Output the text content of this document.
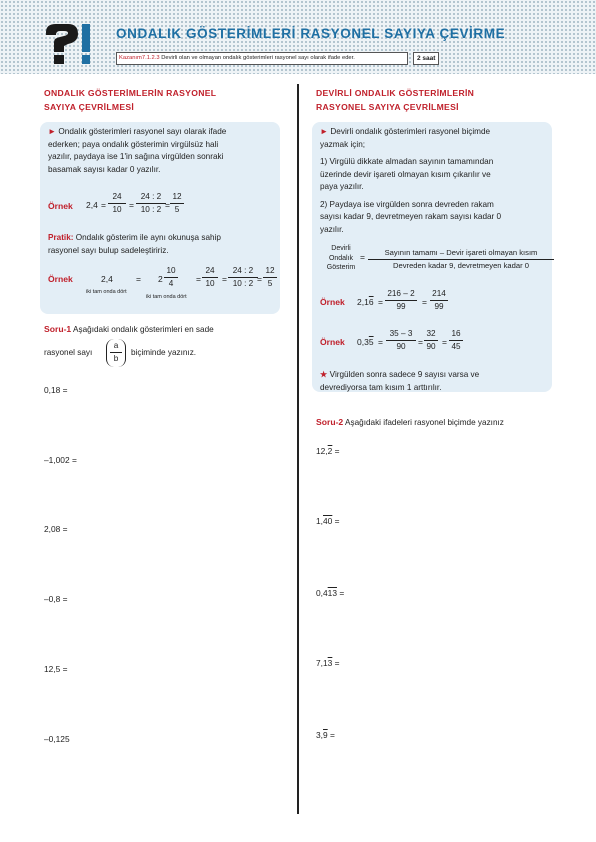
ONDALIK GÖSTERİMLERİ RASYONEL SAYIYA ÇEVİRME
Kazanım7.1.2.3 Devirli olan ve olmayan ondalık gösterimleri rasyonel sayı olarak ifade eder.	2 saat
ONDALIK GÖSTERİMLERİN RASYONEL
SAYIYA ÇEVRİLMESİ
► Ondalık gösterimleri rasyonel sayı olarak ifade
ederken; paya ondalık gösterimin virgülsüz hali
yazılır, paydaya ise 1'in sağına virgülden sonraki
basamak sayısı kadar 0 yazılır.
Örnek $2,4 = \frac{24}{10} = \frac{24 : 2}{10 : 2} = \frac{12}{5}$
Pratik: Ondalık gösterim ile aynı okunuşa sahip
rasyonel sayı bulup sadeleştiririz.
Örnek	2,4
iki tam onda dört
= $2 \frac{10}{4}$
iki tam onda dört
= $\frac{24}{10} = \frac{24 : 2}{10 : 2} = \frac{12}{5}$
Soru-1 Aşağıdaki ondalık gösterimleri en sade
rasyonel sayı $\frac{a}{b}$ biçiminde yazınız.
0,18 =
–1,002 =
2,08 =
–0,8 =
12,5 =
–0,125
DEVİRLİ ONDALIK GÖSTERİMLERİN
RASYONEL SAYIYA ÇEVRİLMESİ
► Devirli ondalık gösterimleri rasyonel biçimde
yazmak için;
1) Virgülü dikkate almadan sayının tamamından
üzerinde devir işareti olmayan kısım çıkarılır ve
paya yazılır.
2) Paydaya ise virgülden sonra devreden rakam
sayısı kadar 9, devretmeyen rakam sayısı kadar 0
yazılır.
Devirli
Ondalık
Gösterim
=	Sayının tamamı – Devir işareti olmayan kısım
Devreden kadar 9, devretmeyen kadar 0
Örnek $2,16 = \frac{216 - 2}{99} = \frac{214}{99}$
Örnek $0,35 = \frac{35 - 3}{90} = \frac{32}{90} = \frac{16}{45}$
★ Virgülden sonra sadece 9 sayısı varsa ve
devrediyorsa tam kısım 1 arttırılır.
Soru-2 Aşağıdaki ifadeleri rasyonel biçimde yazınız
12,2 =
1,40 =
0,413 =
7,13 =
3,9 =
